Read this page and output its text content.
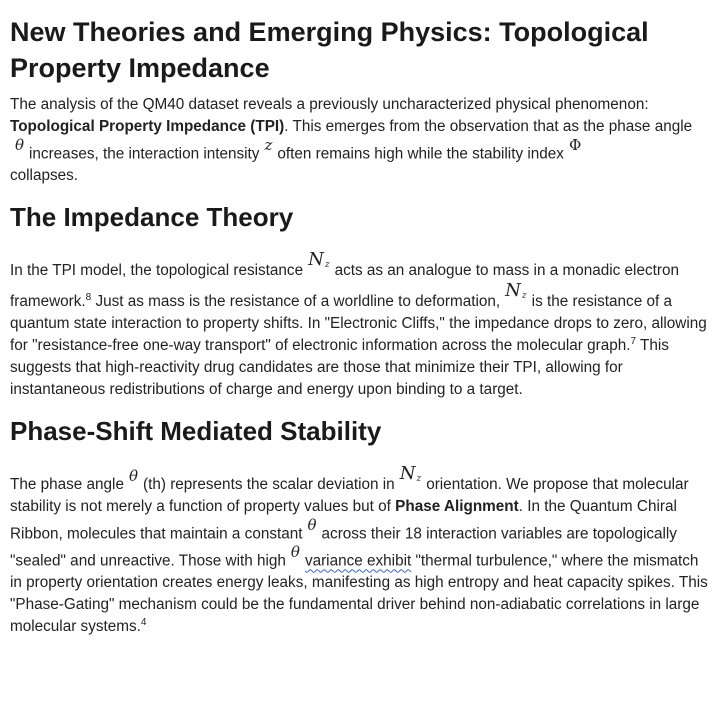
New Theories and Emerging Physics: Topological Property Impedance

The analysis of the QM40 dataset reveals a previously uncharacterized physical phenomenon: Topological Property Impedance (TPI). This emerges from the observation that as the phase angleθ increases, the interaction intensity z often remains high while the stability index Φ
collapses.

The Impedance Theory

In the TPI model, the topological resistanceN$_z$ acts as an analogue to mass in a monadic electron framework.$^8$ Just as mass is the resistance of a worldline to $deformation,N_z$ is the resistance of a quantum state interaction to property shifts. In "Electronic Cliffs," the impedance drops to zero, allowing for "resistance-free one-way transport" of electronic information across the molecular graph.$^7$ This suggests that high-reactivity drug candidates are those that minimize their TPI, allowing for instantaneous redistributions of charge and energy upon binding to a target.

Phase-Shift Mediated Stability

The phase angle θ (th) represents the scalar deviation inN$_z$ orientation. We propose that molecular stability is not merely a function of property values but of Phase Alignment. In the Quantum Chiral Ribbon, molecules that maintain a constant θ across their 18 interaction variables are topologically "sealed" and unreactive. Those with high θ variance exhibit "thermal turbulence," where the mismatch in property orientation creates energy leaks, manifesting as high entropy and heat capacity spikes. This "Phase-Gating" mechanism could be the fundamental driver behind non-adiabatic correlations in large molecular systems.$^4$
